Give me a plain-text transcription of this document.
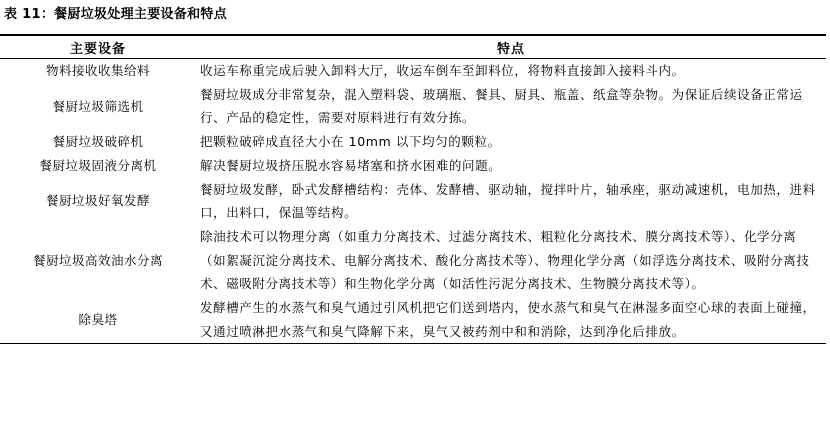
表 11：餐厨垃圾处理主要设备和特点
主要设备	特点
物料接收收集给料	收运车称重完成后驶入卸料大厅，收运车倒车至卸料位，将物料直接卸入接料斗内。
餐厨垃圾筛选机	餐厨垃圾成分非常复杂，混入塑料袋、玻璃瓶、餐具、厨具、瓶盖、纸盒等杂物。为保证后续设备正常运行、产品的稳定性，需要对原料进行有效分拣。
餐厨垃圾破碎机	把颗粒破碎成直径大小在 10mm 以下均匀的颗粒。
餐厨垃圾固液分离机	解决餐厨垃圾挤压脱水容易堵塞和挤水困难的问题。
餐厨垃圾好氧发酵	餐厨垃圾发酵，卧式发酵槽结构：壳体、发酵槽、驱动轴，搅拌叶片，轴承座，驱动减速机，电加热，进料口，出料口，保温等结构。
餐厨垃圾高效油水分离	除油技术可以物理分离（如重力分离技术、过滤分离技术、粗粒化分离技术、膜分离技术等）、化学分离（如絮凝沉淀分离技术、电解分离技术、酸化分离技术等）、物理化学分离（如浮选分离技术、吸附分离技术、磁吸附分离技术等）和生物化学分离（如活性污泥分离技术、生物膜分离技术等）。
除臭塔	发酵槽产生的水蒸气和臭气通过引风机把它们送到塔内，使水蒸气和臭气在淋湿多面空心球的表面上碰撞，又通过喷淋把水蒸气和臭气降解下来，臭气又被药剂中和和消除，达到净化后排放。
